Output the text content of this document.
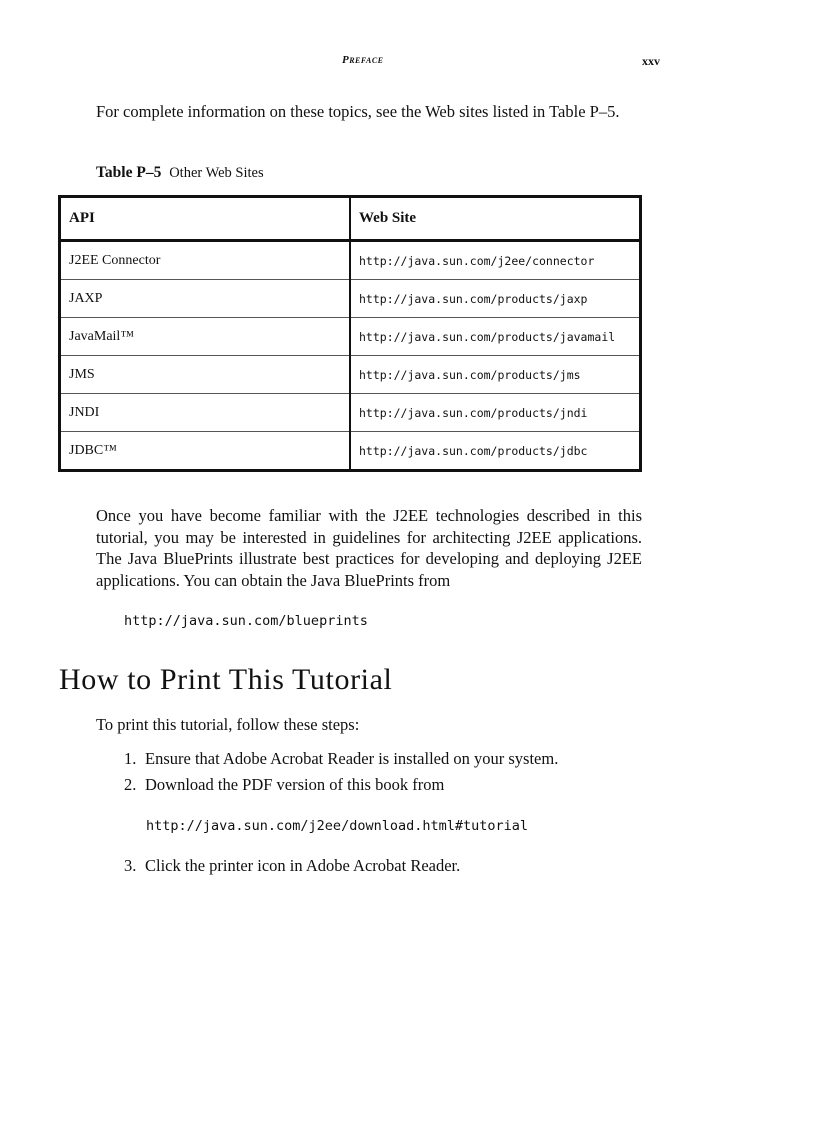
Preface	xxv
For complete information on these topics, see the Web sites listed in Table P–5.
Table P–5 Other Web Sites
API	Web Site
J2EE Connector	http://java.sun.com/j2ee/connector
JAXP	http://java.sun.com/products/jaxp
JavaMail™	http://java.sun.com/products/javamail
JMS	http://java.sun.com/products/jms
JNDI	http://java.sun.com/products/jndi
JDBC™	http://java.sun.com/products/jdbc
Once you have become familiar with the J2EE technologies described in this tutorial, you may be interested in guidelines for architecting J2EE applications. The Java BluePrints illustrate best practices for developing and deploying J2EE applications. You can obtain the Java BluePrints from
http://java.sun.com/blueprints
How to Print This Tutorial
To print this tutorial, follow these steps:
1. Ensure that Adobe Acrobat Reader is installed on your system.
2. Download the PDF version of this book from
http://java.sun.com/j2ee/download.html#tutorial
3. Click the printer icon in Adobe Acrobat Reader.
